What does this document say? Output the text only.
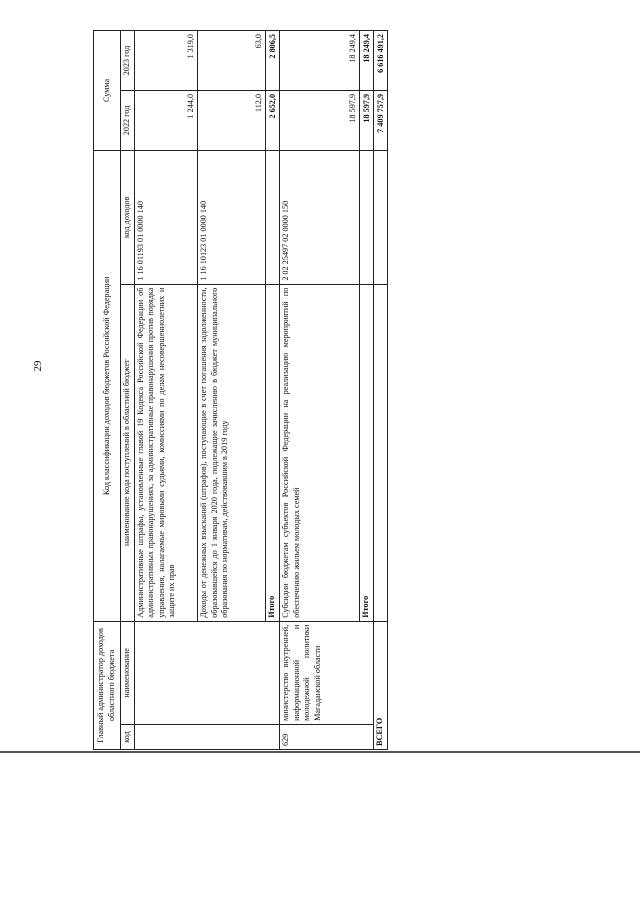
29
Главный администратор доходов областного бюджета		Код классификации доходов бюджетов Российской Федерации		Сумма	
код	наименование	наименование кода поступлений в областной бюджет	код доходов	2022 год	2023 год
		Административные штрафы, установленные главой 19 Кодекса Российской Федерации об административных правонарушениях, за административные правонарушения против порядка управления, налагаемые мировыми судьями, комиссиями по делам несовершеннолетних и защите их прав	1 16 01193 01 0000 140	1 244,0	1 319,0
		Доходы от денежных взысканий (штрафов), поступающие в счет погашения задолженности, образовавшейся до 1 января 2020 года, подлежащие зачислению в бюджет муниципального образования по нормативам, действовавшим в 2019 году	1 16 10123 01 0000 140	112,0	63,0
		Итого		2 652,0	2 806,5
629	министерство внутренней, информационной и молодежной политики Магаданской области	Субсидии бюджетам субъектов Российской Федерации на реализацию мероприятий по обеспечению жильем молодых семей	2 02 25497 02 0000 150	18 597,9	18 249,4
		Итого		18 597,9	18 249,4
ВСЕГО				7 409 757,9	6 616 491,2
